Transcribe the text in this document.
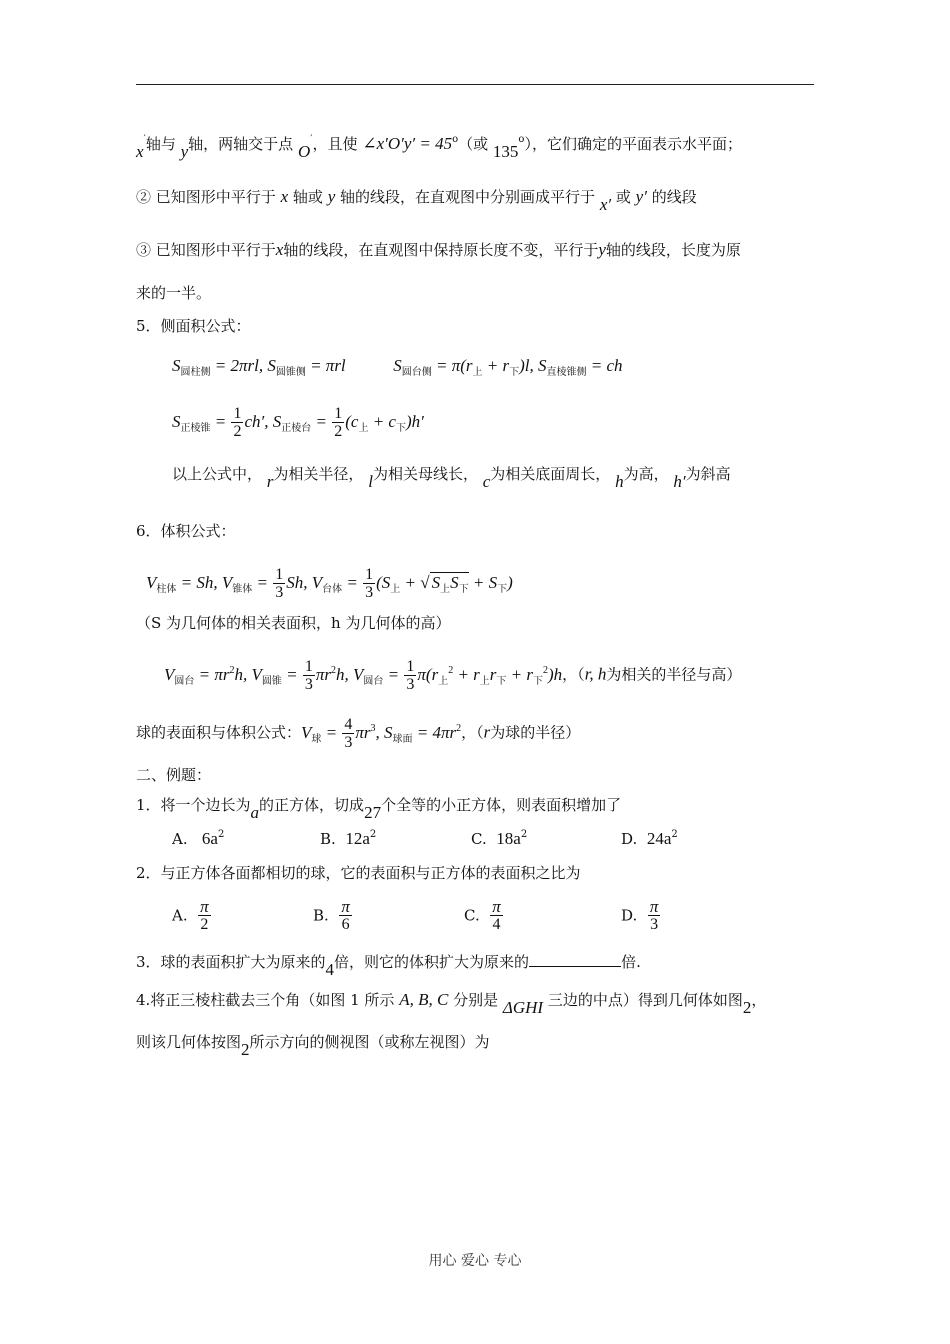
x′轴与 y轴，两轴交于点 O′，且使 ∠x′O′y′ = $45^o$（或 135$^o$），它们确定的平面表示水平面；
② 已知图形中平行于 x 轴或 y 轴的线段，在直观图中分别画成平行于 x′ 或 y′ 的线段
③ 已知图形中平行于x轴的线段，在直观图中保持原长度不变，平行于y轴的线段，长度为原
来的一半。
5．侧面积公式：
$S_{圆柱侧} = 2\pi rl$, $S_{圆锥侧} = \pi rl$	$S_{圆台侧} = \pi(r_上 + r_下)l$, $S_{直棱锥侧}$ = ch
$S_{正棱锥} = \frac{1}{2} ch'$, $S_{正棱台} = \frac{1}{2} (c_上 + c_下)h'$
以上公式中， r为相关半径， l为相关母线长， c为相关底面周长， h为高， h′为斜高
6．体积公式：
$V_{柱体} = Sh$, $V_{锥体} = \frac{1}{3} Sh$, $V_{台体} = \frac{1}{3} (S_上$ + √ $S_上S_下 + S_下$)
（S 为几何体的相关表面积，h 为几何体的高）
$V_{圆台} = \pi r^2h$, $V_{圆锥} = \frac{1}{3} \pi r^2h$, $V_{圆台} = \frac{1}{3} \pi(r_上^2 + r_上r_下 + r_下^2)h$，（r, h为相关的半径与高）
球的表面积与体积公式：$V_球 = \frac{4}{3} \pi r^3$, $S_{球面} = 4\pi r^2$，（r为球的半径）
二、例题：
1．将一个边长为a的正方体，切成27个全等的小正方体，则表面积增加了
A. $6a^2$	B. $12a^2$	C. $18a^2$	D. $24a^2$
2．与正方体各面都相切的球，它的表面积与正方体的表面积之比为
A. $\frac{\pi}{2}$	B. $\frac{\pi}{6}$	C. $\frac{\pi}{4}$	D. $\frac{\pi}{3}$
3．球的表面积扩大为原来的4倍，则它的体积扩大为原来的	倍.
4.将正三棱柱截去三个角（如图 1 所示 A, B, C 分别是 ΔGHI 三边的中点）得到几何体如图2，
则该几何体按图2所示方向的侧视图（或称左视图）为
用心 爱心 专心
